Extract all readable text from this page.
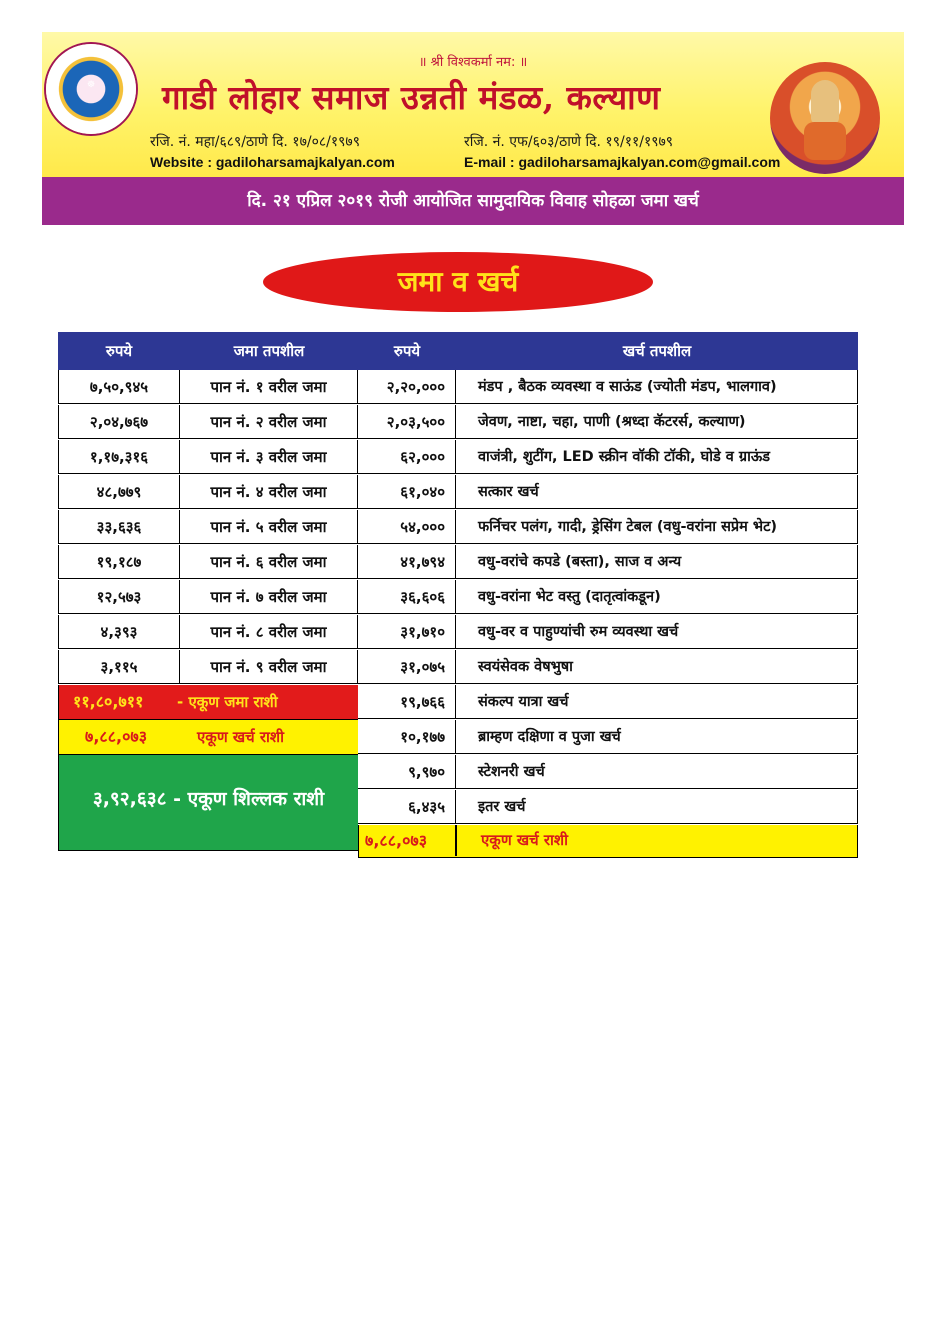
☸
॥ श्री विश्वकर्मा नम: ॥
गाडी लोहार समाज उन्नती मंडळ, कल्याण
रजि. नं. महा/६८९/ठाणे दि. १७/०८/१९७९	रजि. नं. एफ/६०३/ठाणे दि. १९/११/१९७९
Website : gadiloharsamajkalyan.com	E-mail : gadiloharsamajkalyan.com@gmail.com
दि. २१ एप्रिल २०१९ रोजी आयोजित सामुदायिक विवाह सोहळा जमा खर्च
जमा व खर्च
रुपये	जमा तपशील	रुपये	खर्च तपशील
७,५०,९४५	पान नं. १ वरील जमा	२,२०,०००	मंडप , बैठक व्यवस्था व साऊंड (ज्योती मंडप, भालगाव)
२,०४,७६७	पान नं. २ वरील जमा	२,०३,५००	जेवण, नाष्टा, चहा, पाणी (श्रध्दा कॅटरर्स, कल्याण)
१,१७,३१६	पान नं. ३ वरील जमा	६२,०००	वाजंत्री, शुटींग, LED स्क्रीन वॉकी टॉकी, घोडे व ग्राऊंड
४८,७७९	पान नं. ४ वरील जमा	६१,०४०	सत्कार खर्च
३३,६३६	पान नं. ५ वरील जमा	५४,०००	फर्निचर पलंग, गादी, ड्रेसिंग टेबल (वधु-वरांना सप्रेम भेट)
१९,१८७	पान नं. ६ वरील जमा	४१,७९४	वधु-वरांचे कपडे (बस्ता), साज व अन्य
१२,५७३	पान नं. ७ वरील जमा	३६,६०६	वधु-वरांना भेट वस्तु (दातृत्वांकडून)
४,३९३	पान नं. ८ वरील जमा	३१,७१०	वधु-वर व पाहुण्यांची रुम व्यवस्था खर्च
३,११५	पान नं. ९ वरील जमा	३१,०७५	स्वयंसेवक वेषभुषा
११,८०,७११ - एकूण जमा राशी	१९,७६६	संकल्प यात्रा खर्च
७,८८,०७३	एकूण खर्च राशी	१०,१७७	ब्राम्हण दक्षिणा व पुजा खर्च
३,९२,६३८ - एकूण शिल्लक राशी
९,९७०	स्टेशनरी खर्च
६,४३५	इतर खर्च
७,८८,०७३	एकूण खर्च राशी
